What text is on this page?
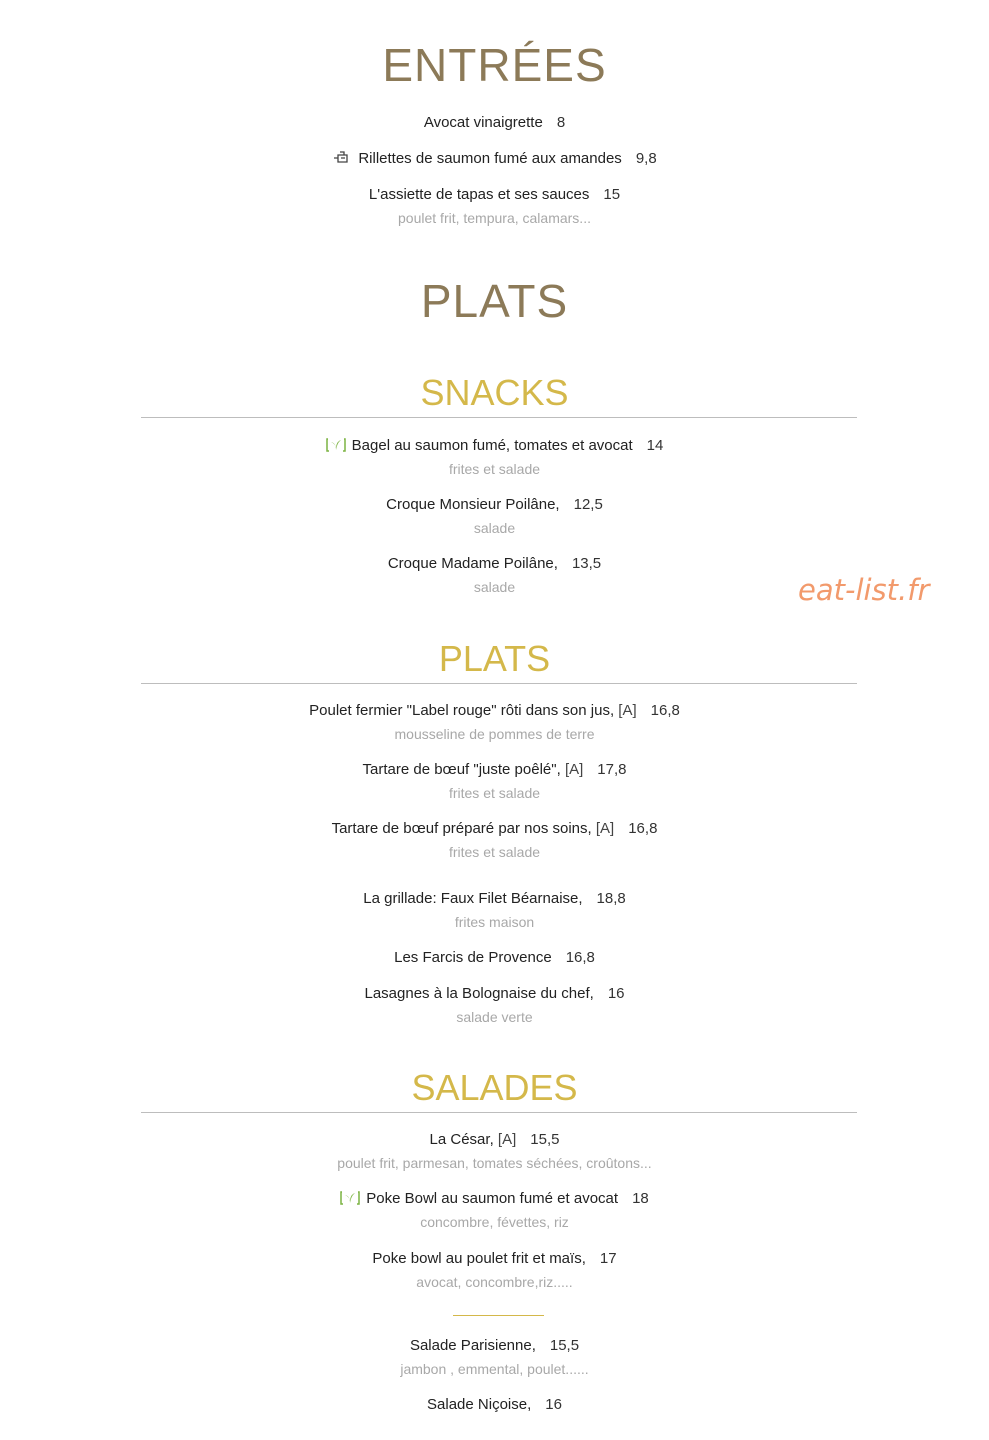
ENTRÉES
Avocat vinaigrette 8
Rillettes de saumon fumé aux amandes 9,8
L'assiette de tapas et ses sauces 15
poulet frit, tempura, calamars...
PLATS
SNACKS
Bagel au saumon fumé, tomates et avocat 14
frites et salade
Croque Monsieur Poilâne, 12,5
salade
Croque Madame Poilâne, 13,5
salade	eat-list.fr
PLATS
Poulet fermier "Label rouge" rôti dans son jus, [A] 16,8
mousseline de pommes de terre
Tartare de bœuf "juste poêlé", [A] 17,8
frites et salade
Tartare de bœuf préparé par nos soins, [A] 16,8
frites et salade
La grillade: Faux Filet Béarnaise, 18,8
frites maison
Les Farcis de Provence 16,8
Lasagnes à la Bolognaise du chef, 16
salade verte
SALADES
La César, [A] 15,5
poulet frit, parmesan, tomates séchées, croûtons...
Poke Bowl au saumon fumé et avocat 18
concombre, févettes, riz
Poke bowl au poulet frit et maïs, 17
avocat, concombre,riz.....
Salade Parisienne, 15,5
jambon , emmental, poulet......
Salade Niçoise, 16
